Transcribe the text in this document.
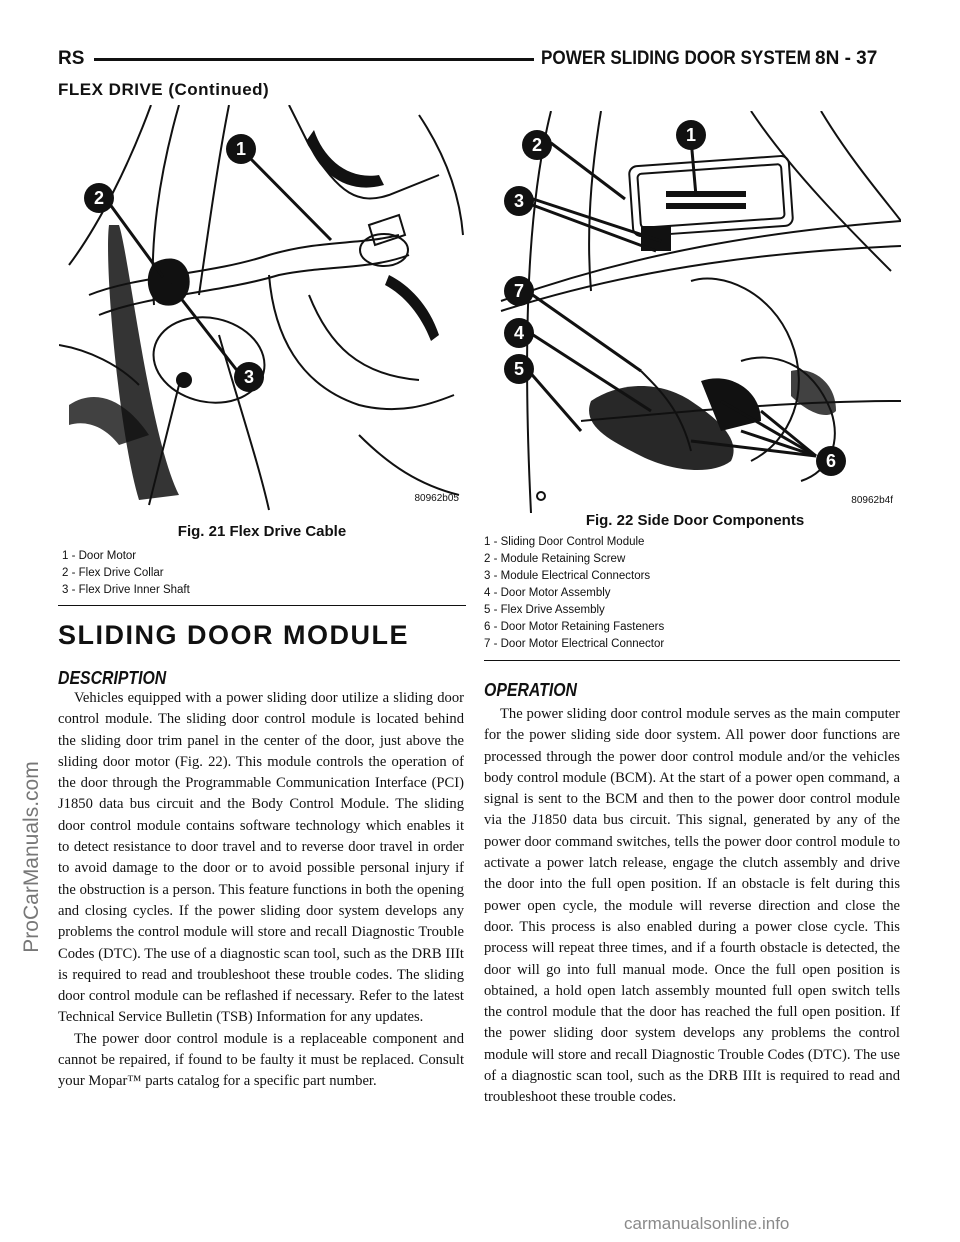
RS	POWER SLIDING DOOR SYSTEM 8N - 37
FLEX DRIVE (Continued)
1
2
3
80962b05
1
2
3
7
4
5
6
80962b4f
Fig. 21 Flex Drive Cable
1 - Door Motor
2 - Flex Drive Collar
3 - Flex Drive Inner Shaft
Fig. 22 Side Door Components
1 - Sliding Door Control Module
2 - Module Retaining Screw
3 - Module Electrical Connectors
4 - Door Motor Assembly
5 - Flex Drive Assembly
6 - Door Motor Retaining Fasteners
7 - Door Motor Electrical Connector
SLIDING DOOR MODULE
DESCRIPTION
OPERATION

Vehicles equipped with a power sliding door utilize a sliding door control module. The sliding door control module is located behind the sliding door trim panel in the center of the door, just above the sliding door motor (Fig. 22). This module controls the operation of the door through the Programmable Communication Interface (PCI) J1850 data bus circuit and the Body Control Module. The sliding door control module contains software technology which enables it to detect resistance to door travel and to reverse door travel in order to avoid damage to the door or to avoid possible personal injury if the obstruction is a person. This feature functions in both the opening and closing cycles. If the power sliding door system develops any problems the control module will store and recall Diagnostic Trouble Codes (DTC). The use of a diagnostic scan tool, such as the DRB IIIt is required to read and troubleshoot these trouble codes. The sliding door control module can be reflashed if necessary. Refer to the latest Technical Service Bulletin (TSB) Information for any updates.

The power door control module is a replaceable component and cannot be repaired, if found to be faulty it must be replaced. Consult your Mopar™ parts catalog for a specific part number.

The power sliding door control module serves as the main computer for the power sliding side door system. All power door functions are processed through the power door control module and/or the vehicles body control module (BCM). At the start of a power open command, a signal is sent to the BCM and then to the power door control module via the J1850 data bus circuit. This signal, generated by any of the power door command switches, tells the power door control module to activate a power latch release, engage the clutch assembly and drive the door into the full open position. If an obstacle is felt during this power open cycle, the module will reverse direction and close the door. This process is also enabled during a power close cycle. This process will repeat three times, and if a fourth obstacle is detected, the door will go into full manual mode. Once the full open position is obtained, a hold open latch assembly mounted full open switch tells the control module that the door has reached the full open position. If the power sliding door system develops any problems the control module will store and recall Diagnostic Trouble Codes (DTC). The use of a diagnostic scan tool, such as the DRB IIIt is required to read and troubleshoot these trouble codes.

ProCarManuals.com
carmanualsonline.info
